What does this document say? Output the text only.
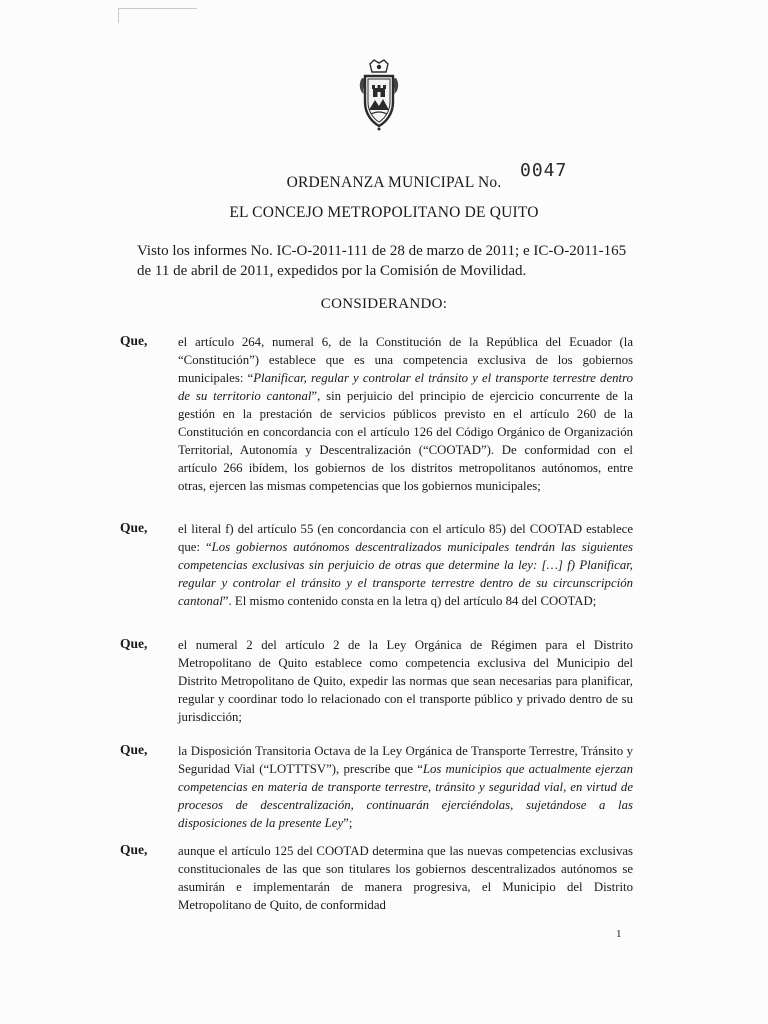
ORDENANZA MUNICIPAL No.
0047
EL CONCEJO METROPOLITANO DE QUITO
Visto los informes No. IC-O-2011-111 de 28 de marzo de 2011; e IC-O-2011-165 de 11 de abril de 2011, expedidos por la Comisión de Movilidad.
CONSIDERANDO:
Que, el artículo 264, numeral 6, de la Constitución de la República del Ecuador (la “Constitución”) establece que es una competencia exclusiva de los gobiernos municipales: “Planificar, regular y controlar el tránsito y el transporte terrestre dentro de su territorio cantonal”, sin perjuicio del principio de ejercicio concurrente de la gestión en la prestación de servicios públicos previsto en el artículo 260 de la Constitución en concordancia con el artículo 126 del Código Orgánico de Organización Territorial, Autonomía y Descentralización (“COOTAD”). De conformidad con el artículo 266 ibídem, los gobiernos de los distritos metropolitanos autónomos, entre otras, ejercen las mismas competencias que los gobiernos municipales;
Que, el literal f) del artículo 55 (en concordancia con el artículo 85) del COOTAD establece que: “Los gobiernos autónomos descentralizados municipales tendrán las siguientes competencias exclusivas sin perjuicio de otras que determine la ley: […] f) Planificar, regular y controlar el tránsito y el transporte terrestre dentro de su circunscripción cantonal”. El mismo contenido consta en la letra q) del artículo 84 del COOTAD;
Que, el numeral 2 del artículo 2 de la Ley Orgánica de Régimen para el Distrito Metropolitano de Quito establece como competencia exclusiva del Municipio del Distrito Metropolitano de Quito, expedir las normas que sean necesarias para planificar, regular y coordinar todo lo relacionado con el transporte público y privado dentro de su jurisdicción;
Que, la Disposición Transitoria Octava de la Ley Orgánica de Transporte Terrestre, Tránsito y Seguridad Vial (“LOTTTSV”), prescribe que “Los municipios que actualmente ejerzan competencias en materia de transporte terrestre, tránsito y seguridad vial, en virtud de procesos de descentralización, continuarán ejerciéndolas, sujetándose a las disposiciones de la presente Ley”;
Que, aunque el artículo 125 del COOTAD determina que las nuevas competencias exclusivas constitucionales de las que son titulares los gobiernos descentralizados autónomos se asumirán e implementarán de manera progresiva, el Municipio del Distrito Metropolitano de Quito, de conformidad
1
